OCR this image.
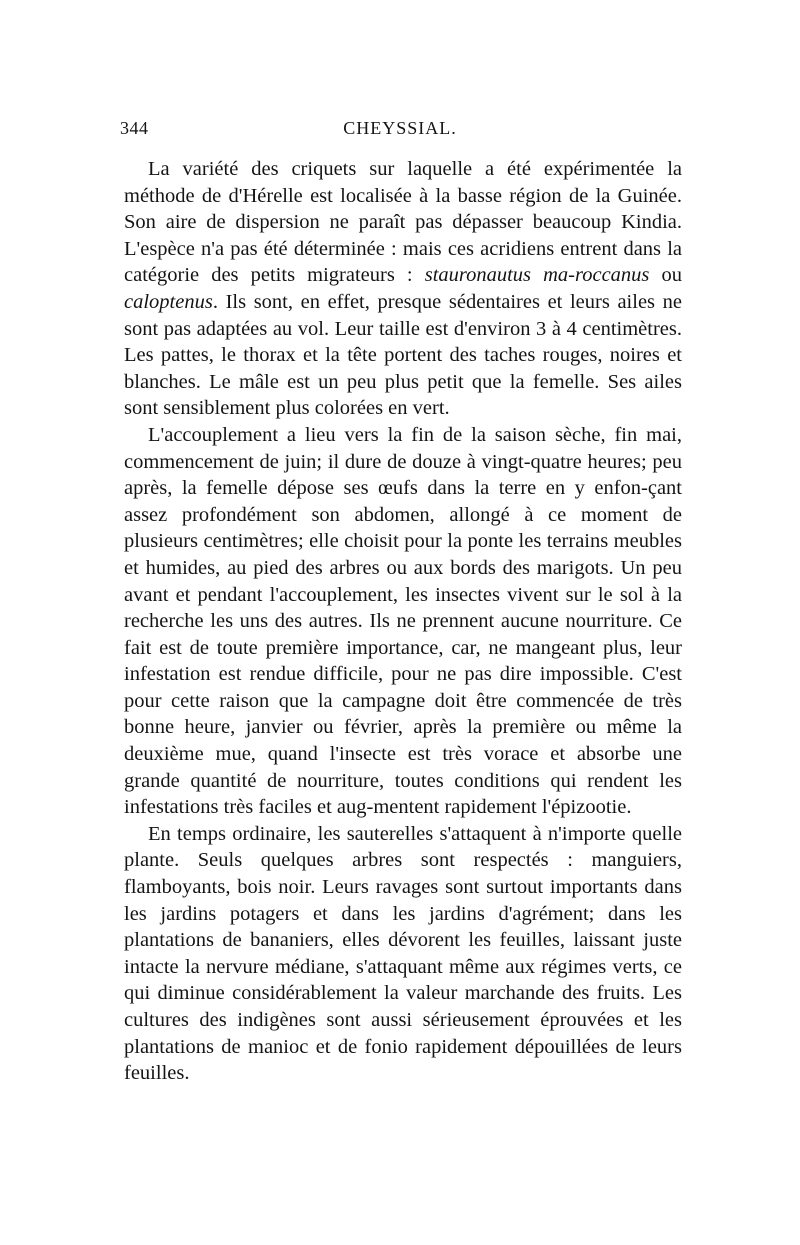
344	CHEYSSIAL.

La variété des criquets sur laquelle a été expérimentée la méthode de d'Hérelle est localisée à la basse région de la Guinée. Son aire de dispersion ne paraît pas dépasser beaucoup Kindia. L'espèce n'a pas été déterminée : mais ces acridiens entrent dans la catégorie des petits migrateurs : stauronautus ma-roccanus ou caloptenus. Ils sont, en effet, presque sédentaires et leurs ailes ne sont pas adaptées au vol. Leur taille est d'environ 3 à 4 centimètres. Les pattes, le thorax et la tête portent des taches rouges, noires et blanches. Le mâle est un peu plus petit que la femelle. Ses ailes sont sensiblement plus colorées en vert.

L'accouplement a lieu vers la fin de la saison sèche, fin mai, commencement de juin; il dure de douze à vingt-quatre heures; peu après, la femelle dépose ses œufs dans la terre en y enfon-çant assez profondément son abdomen, allongé à ce moment de plusieurs centimètres; elle choisit pour la ponte les terrains meubles et humides, au pied des arbres ou aux bords des marigots. Un peu avant et pendant l'accouplement, les insectes vivent sur le sol à la recherche les uns des autres. Ils ne prennent aucune nourriture. Ce fait est de toute première importance, car, ne mangeant plus, leur infestation est rendue difficile, pour ne pas dire impossible. C'est pour cette raison que la campagne doit être commencée de très bonne heure, janvier ou février, après la première ou même la deuxième mue, quand l'insecte est très vorace et absorbe une grande quantité de nourriture, toutes conditions qui rendent les infestations très faciles et aug-mentent rapidement l'épizootie.

En temps ordinaire, les sauterelles s'attaquent à n'importe quelle plante. Seuls quelques arbres sont respectés : manguiers, flamboyants, bois noir. Leurs ravages sont surtout importants dans les jardins potagers et dans les jardins d'agrément; dans les plantations de bananiers, elles dévorent les feuilles, laissant juste intacte la nervure médiane, s'attaquant même aux régimes verts, ce qui diminue considérablement la valeur marchande des fruits. Les cultures des indigènes sont aussi sérieusement éprouvées et les plantations de manioc et de fonio rapidement dépouillées de leurs feuilles.
